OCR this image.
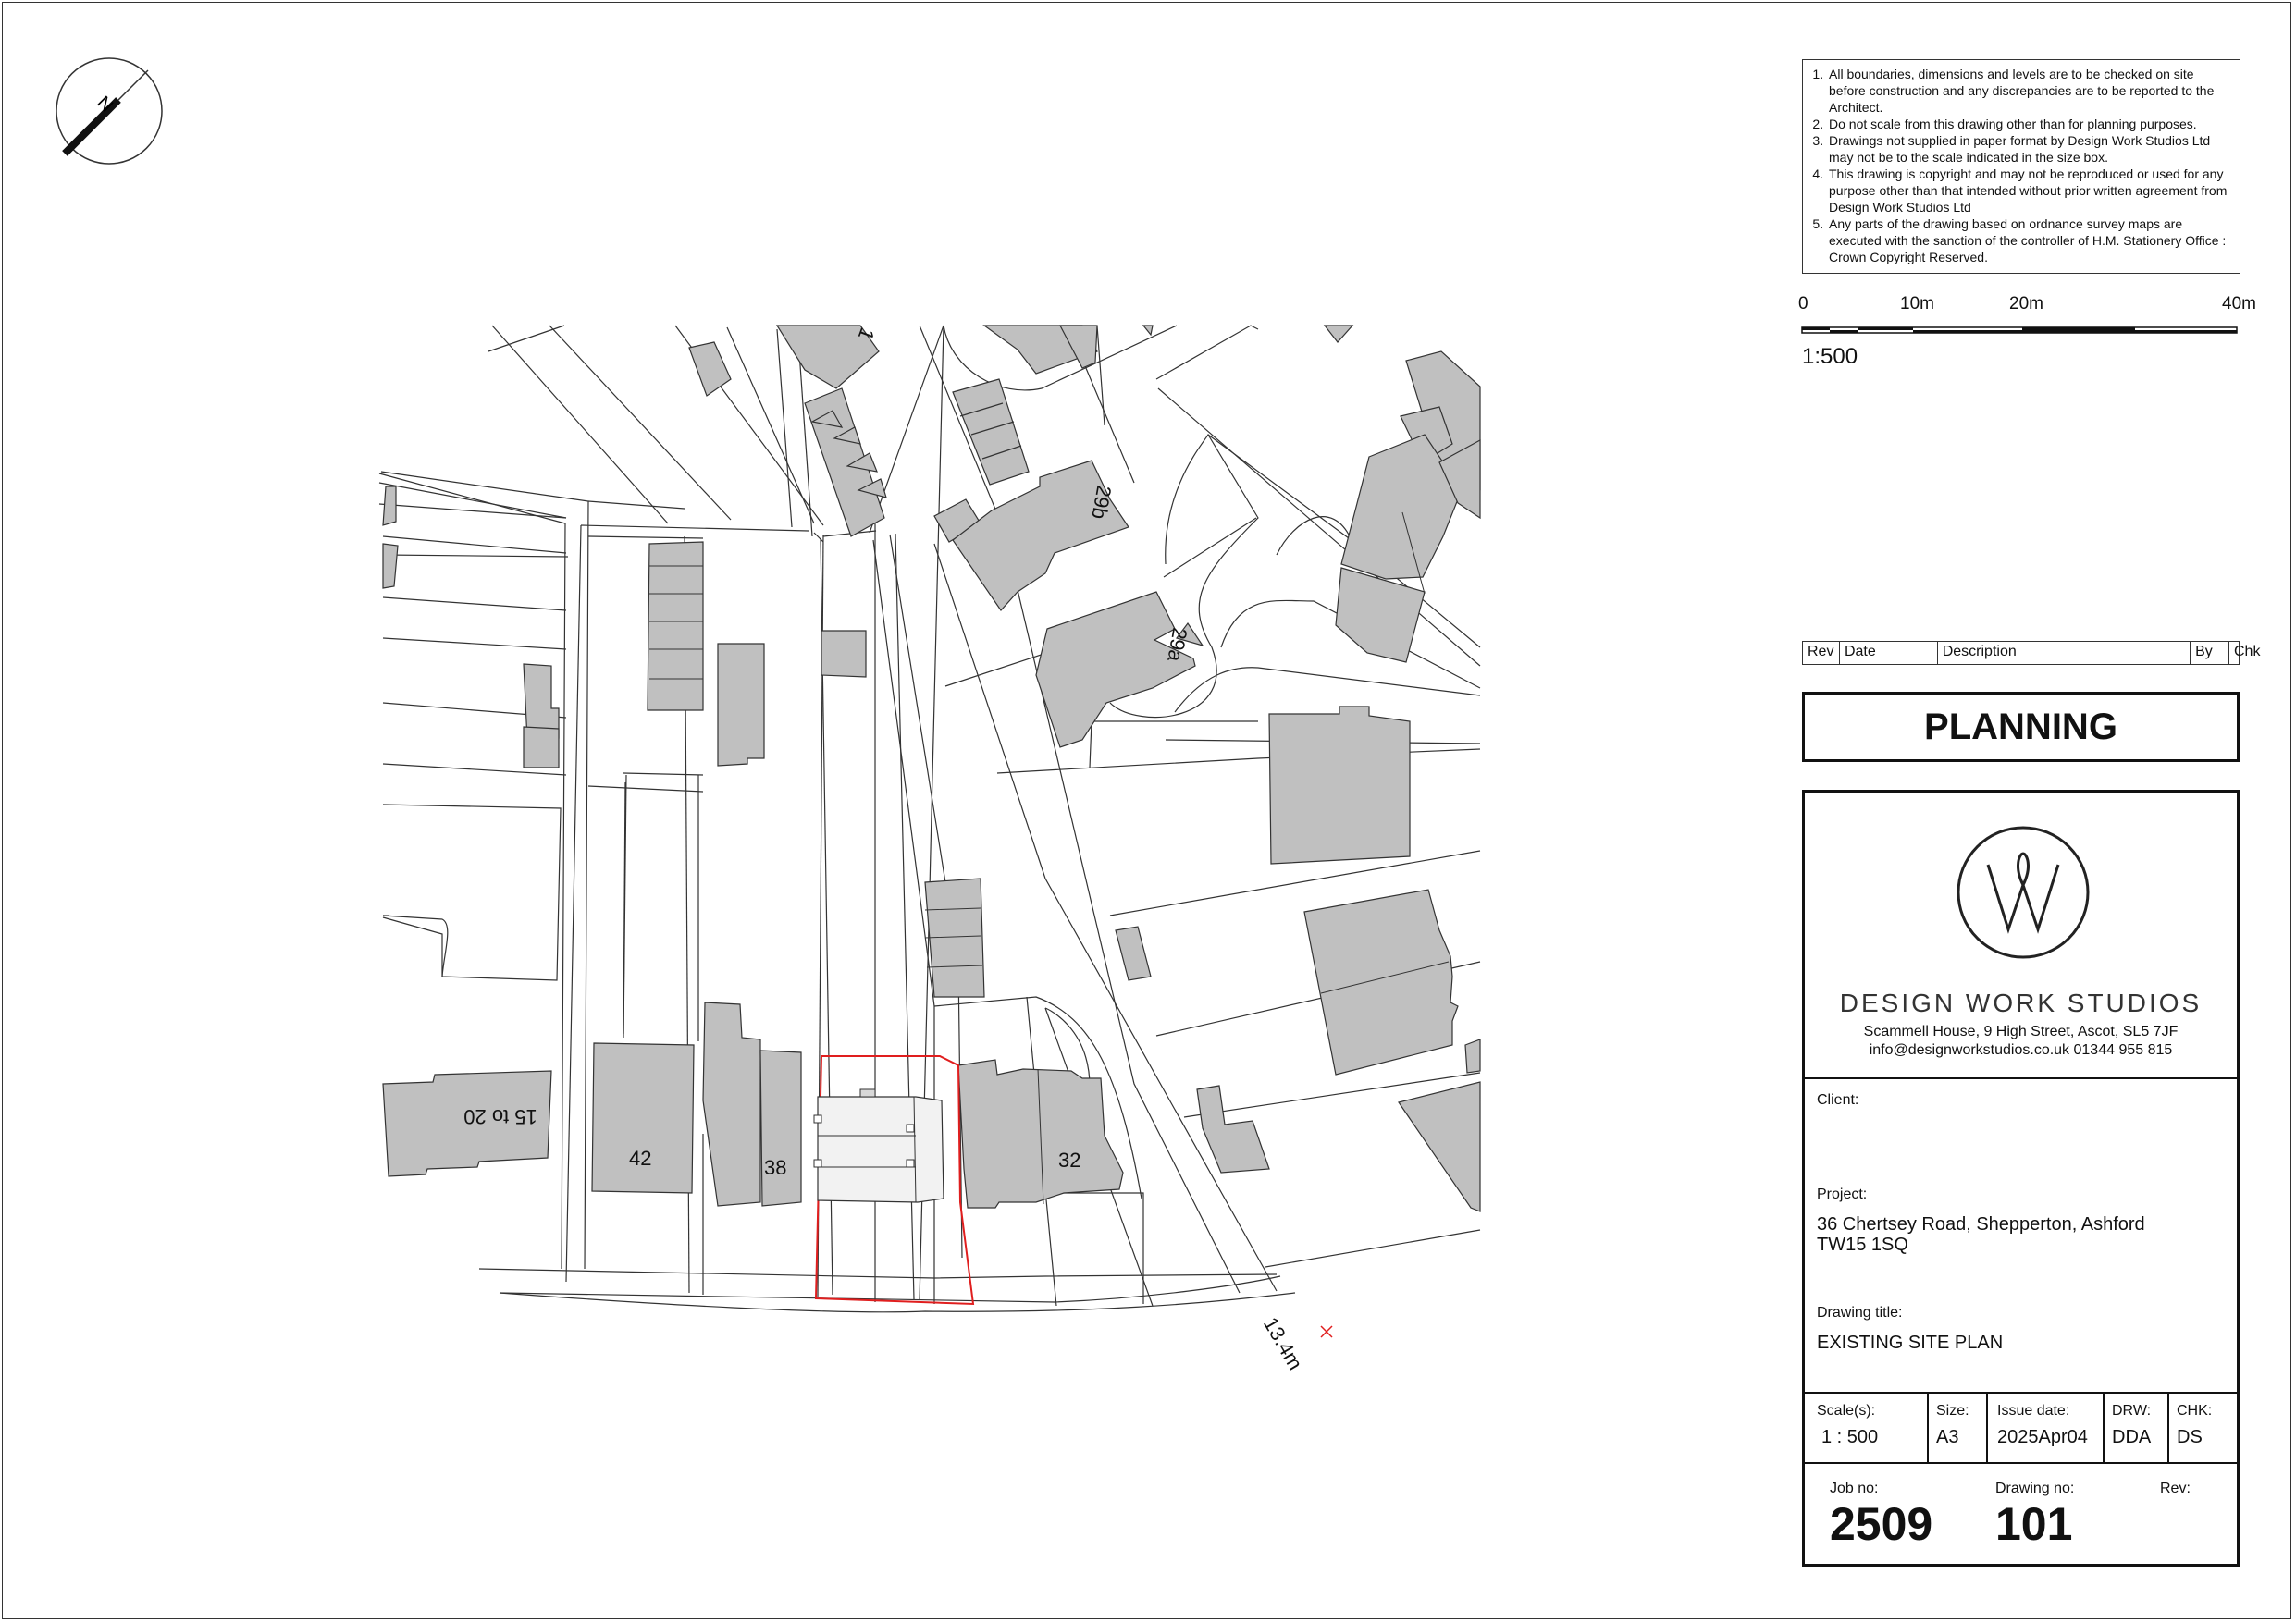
N
42	38	32
29a
29b
15 to 20
1
13.4m
1. All boundaries, dimensions and levels are to be checked on site before construction and any discrepancies are to be reported to the Architect.
2. Do not scale from this drawing other than for planning purposes.
3. Drawings not supplied in paper format by Design Work Studios Ltd may not be to the scale indicated in the size box.
4. This drawing is copyright and may not be reproduced or used for any purpose other than that intended without prior written agreement from Design Work Studios Ltd
5. Any parts of the drawing based on ordnance survey maps are executed with the sanction of the controller of H.M. Stationery Office : Crown Copyright Reserved.
0	10m	20m	40m
1:500
Rev Date	Description	By	Chk
PLANNING
DESIGN WORK STUDIOS
Scammell House, 9 High Street, Ascot, SL5 7JF
info@designworkstudios.co.uk 01344 955 815
Client:
Project:
36 Chertsey Road, Shepperton, Ashford
TW15 1SQ
Drawing title:
EXISTING SITE PLAN
Scale(s):
1 : 500
Size:
A3
Issue date:
2025Apr04
DRW:
DDA
CHK:
DS
Job no:
2509
Drawing no:
101
Rev:
